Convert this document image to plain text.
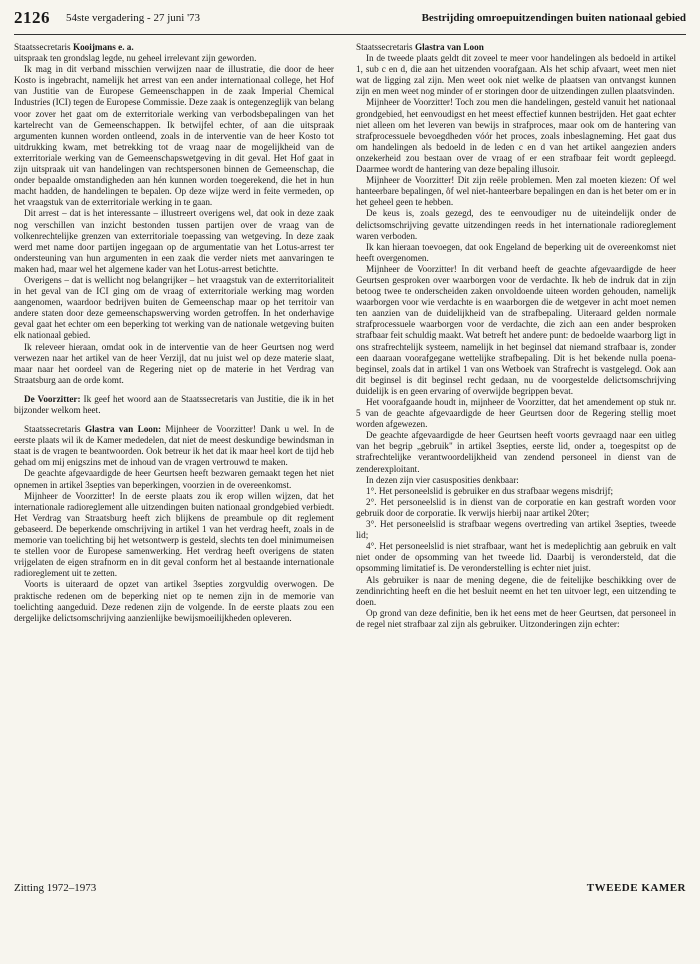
2126 54ste vergadering - 27 juni '73	Bestrijding omroepuitzendingen buiten nationaal gebied

Staatssecretaris Kooijmans e. a.

uitspraak ten grondslag legde, nu geheel irrelevant zijn geworden.

Ik mag in dit verband misschien verwijzen naar de illustratie, die door de heer Kosto is ingebracht, namelijk het arrest van een ander internationaal college, het Hof van Justitie van de Europese Gemeenschappen in de zaak Imperial Chemical Industries (ICI) tegen de Europese Commissie. Deze zaak is ontegenzeglijk van belang voor zover het gaat om de exterritoriale werking van verbodsbepalingen van het kartelrecht van de Gemeenschappen. Ik betwijfel echter, of aan die uitspraak argumenten kunnen worden ontleend, zoals in de interventie van de heer Kosto tot uitdrukking kwam, met betrekking tot de vraag naar de mogelijkheid van de exterritoriale werking van de Gemeenschapswetgeving in dit geval. Het Hof gaat in zijn uitspraak uit van handelingen van rechtspersonen binnen de Gemeenschap, die onder bepaalde omstandigheden aan hén kunnen worden toegerekend, die het in hun macht hadden, de handelingen te bepalen. Op deze wijze werd in feite vermeden, op het vraagstuk van de exterritoriale werking in te gaan.

Dit arrest – dat is het interessante – illustreert overigens wel, dat ook in deze zaak nog verschillen van inzicht bestonden tussen partijen over de vraag van de volkenrechtelijke grenzen van exterritoriale toepassing van wetgeving. In deze zaak werd met name door partijen ingegaan op de argumentatie van het Lotus-arrest ter ondersteuning van hun argumenten in een zaak die verder niets met aanvaringen te maken had, maar wel het algemene kader van het Lotus-arrest betichtte.

Overigens – dat is wellicht nog belangrijker – het vraagstuk van de exterritorialiteit in het geval van de ICI ging om de vraag of exterritoriale werking mag worden aangenomen, waardoor bedrijven buiten de Gemeenschap maar op het territoir van andere staten door deze gemeenschapswerving worden getroffen. In het onderhavige geval gaat het echter om een beperking tot werking van de nationale wetgeving buiten elk nationaal gebied.

Ik releveer hieraan, omdat ook in de interventie van de heer Geurtsen nog werd verwezen naar het artikel van de heer Verzijl, dat nu juist wel op deze materie slaat, maar naar het oordeel van de Regering niet op de materie in het Verdrag van Straatsburg aan de orde komt.

De Voorzitter: Ik geef het woord aan de Staatssecretaris van Justitie, die ik in het bijzonder welkom heet.

Staatssecretaris Glastra van Loon: Mijnheer de Voorzitter! Dank u wel. In de eerste plaats wil ik de Kamer mededelen, dat niet de meest deskundige bewindsman in staat is de vragen te beantwoorden. Ook betreur ik het dat ik maar heel kort de tijd heb gehad om mij enigszins met de inhoud van de vragen vertrouwd te maken.

De geachte afgevaardigde de heer Geurtsen heeft bezwaren gemaakt tegen het niet opnemen in artikel 3septies van beperkingen, voorzien in de overeenkomst.

Mijnheer de Voorzitter! In de eerste plaats zou ik erop willen wijzen, dat het internationale radioreglement alle uitzendingen buiten nationaal grondgebied verbiedt. Het Verdrag van Straatsburg heeft zich blijkens de preambule op dit reglement gebaseerd. De beperkende omschrijving in artikel 1 van het verdrag heeft, zoals in de memorie van toelichting bij het wetsontwerp is gesteld, slechts ten doel minimumeisen te stellen voor de Europese samenwerking. Het verdrag heeft overigens de staten vrijgelaten de eigen strafnorm en in dit geval conform het al bestaande internationale radioreglement uit te zetten.

Voorts is uiteraard de opzet van artikel 3septies zorgvuldig overwogen. De praktische redenen om de beperking niet op te nemen zijn in de memorie van toelichting aangeduid. Deze redenen zijn de volgende. In de eerste plaats zou een dergelijke delictsomschrijving aanzienlijke bewijsmoeilijkheden opleveren.

Staatssecretaris Glastra van Loon

In de tweede plaats geldt dit zoveel te meer voor handelingen als bedoeld in artikel 1, sub c en d, die aan het uitzenden voorafgaan. Als het schip afvaart, weet men niet wat de ligging zal zijn. Men weet ook niet welke de plaatsen van ontvangst kunnen zijn en men weet nog minder of er storingen door de uitzendingen zullen plaatsvinden.

Mijnheer de Voorzitter! Toch zou men die handelingen, gesteld vanuit het nationaal grondgebied, het eenvoudigst en het meest effectief kunnen bestrijden. Het gaat echter niet alleen om het leveren van bewijs in strafproces, maar ook om de hantering van strafprocessuele bevoegdheden vóór het proces, zoals inbeslagneming. Het gaat dus om handelingen als bedoeld in de leden c en d van het artikel aangezien anders onzekerheid zou bestaan over de vraag of er een strafbaar feit wordt gepleegd. Daarmee wordt de hantering van deze bepaling illusoir.

Mijnheer de Voorzitter! Dit zijn reële problemen. Men zal moeten kiezen: Of wel hanteerbare bepalingen, ôf wel niet-hanteerbare bepalingen en dan is het beter om er in het geheel geen te hebben.

De keus is, zoals gezegd, des te eenvoudiger nu de uiteindelijk onder de delictsomschrijving gevatte uitzendingen reeds in het internationale radioreglement waren verboden.

Ik kan hieraan toevoegen, dat ook Engeland de beperking uit de overeenkomst niet heeft overgenomen.

Mijnheer de Voorzitter! In dit verband heeft de geachte afgevaardigde de heer Geurtsen gesproken over waarborgen voor de verdachte. Ik heb de indruk dat in zijn betoog twee te onderscheiden zaken onvoldoende uiteen worden gehouden, namelijk waarborgen voor wie verdachte is en waarborgen die de wetgever in acht moet nemen ten aanzien van de duidelijkheid van de strafbepaling. Uiteraard gelden normale strafprocessuele waarborgen voor de verdachte, die zich aan een ander besproken strafbaar feit schuldig maakt. Wat betreft het andere punt: de bedoelde waarborg ligt in ons strafrechtelijk systeem, namelijk in het beginsel dat niemand strafbaar is, zonder een daaraan voorafgegane wettelijke strafbepaling. Dit is het bekende nulla poena-beginsel, zoals dat in artikel 1 van ons Wetboek van Strafrecht is vastgelegd. Ook aan dit beginsel is dit beginsel recht gedaan, nu de voorgestelde delictsomschrijving duidelijk is en geen ervaring of overwijde begrippen bevat.

Het voorafgaande houdt in, mijnheer de Voorzitter, dat het amendement op stuk nr. 5 van de geachte afgevaardigde de heer Geurtsen door de Regering stellig moet worden afgewezen.

De geachte afgevaardigde de heer Geurtsen heeft voorts gevraagd naar een uitleg van het begrip „gebruik" in artikel 3septies, eerste lid, onder a, toegespitst op de strafrechtelijke verantwoordelijkheid van zendend personeel in dienst van de zenderexploitant.

In dezen zijn vier casusposities denkbaar:

1°. Het personeelslid is gebruiker en dus strafbaar wegens misdrijf;

2°. Het personeelslid is in dienst van de corporatie en kan gestraft worden voor gebruik door de corporatie. Ik verwijs hierbij naar artikel 20ter;

3°. Het personeelslid is strafbaar wegens overtreding van artikel 3septies, tweede lid;

4°. Het personeelslid is niet strafbaar, want het is medeplichtig aan gebruik en valt niet onder de opsomming van het tweede lid. Daarbij is verondersteld, dat die opsomming limitatief is. De veronderstelling is echter niet juist.

Als gebruiker is naar de mening degene, die de feitelijke beschikking over de zendinrichting heeft en die het besluit neemt en het ten uitvoer legt, een uitzending te doen.

Op grond van deze definitie, ben ik het eens met de heer Geurtsen, dat personeel in de regel niet strafbaar zal zijn als gebruiker. Uitzonderingen zijn echter:

Zitting 1972–1973	TWEEDE KAMER
